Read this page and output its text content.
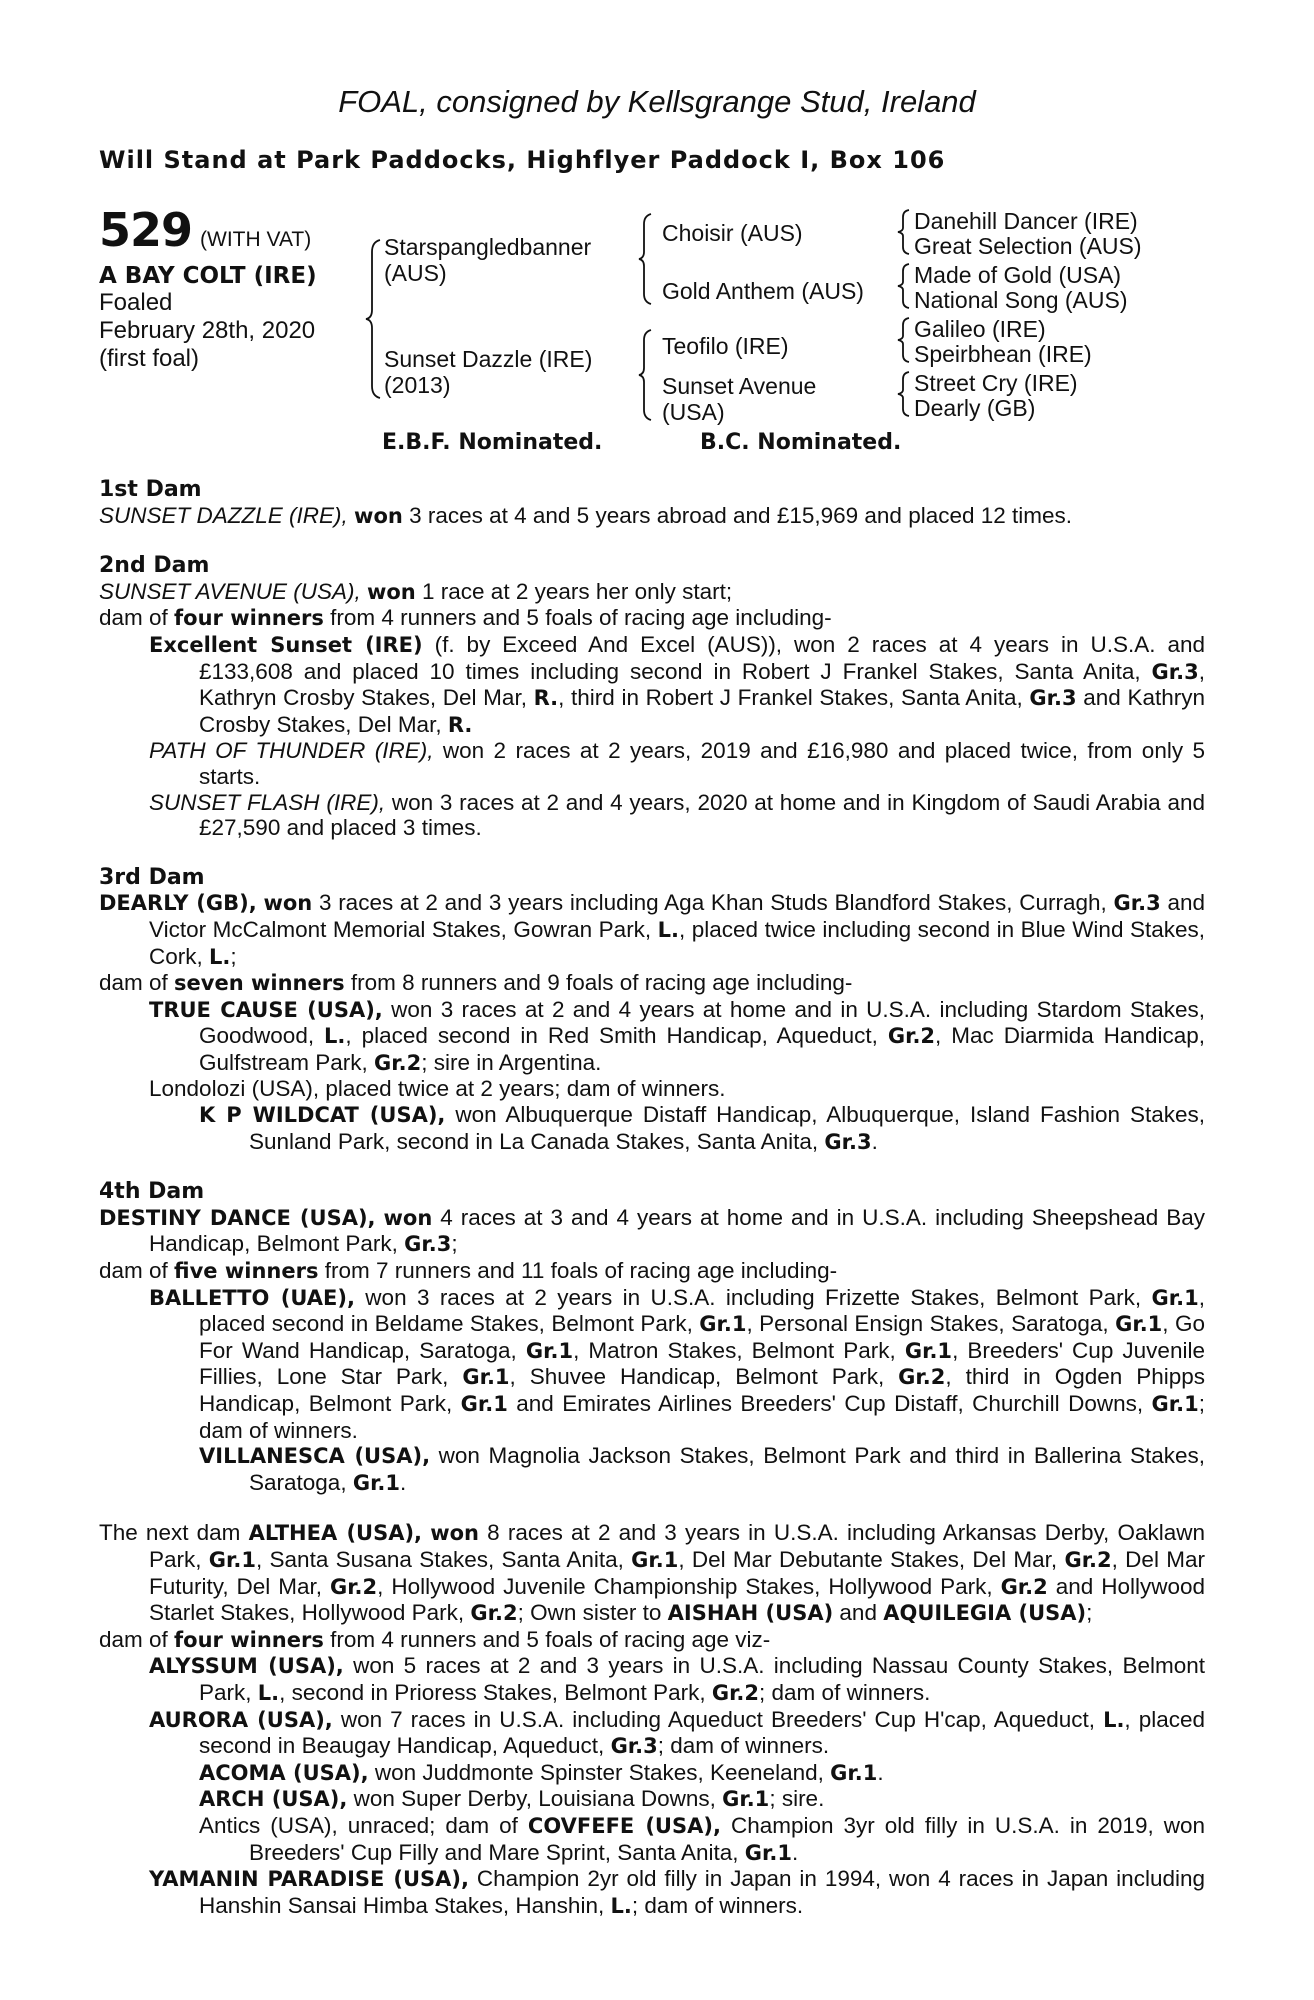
FOAL, consigned by Kellsgrange Stud, Ireland
Will Stand at Park Paddocks, Highflyer Paddock I, Box 106
529 (WITH VAT)
A BAY COLT (IRE)
Foaled
February 28th, 2020
(first foal)
Starspangledbanner
(AUS)
Sunset Dazzle (IRE)
(2013)
Choisir (AUS)
Gold Anthem (AUS)
Teofilo (IRE)
Sunset Avenue
(USA)
Danehill Dancer (IRE)
Great Selection (AUS)
Made of Gold (USA)
National Song (AUS)
Galileo (IRE)
Speirbhean (IRE)
Street Cry (IRE)
Dearly (GB)
E.B.F. Nominated.	B.C. Nominated.
1st Dam
SUNSET DAZZLE (IRE), won 3 races at 4 and 5 years abroad and £15,969 and placed 12 times.
2nd Dam
SUNSET AVENUE (USA), won 1 race at 2 years her only start;
dam of four winners from 4 runners and 5 foals of racing age including-
Excellent Sunset (IRE) (f. by Exceed And Excel (AUS)), won 2 races at 4 years in U.S.A. and £133,608 and placed 10 times including second in Robert J Frankel Stakes, Santa Anita, Gr.3, Kathryn Crosby Stakes, Del Mar, R., third in Robert J Frankel Stakes, Santa Anita, Gr.3 and Kathryn Crosby Stakes, Del Mar, R.
PATH OF THUNDER (IRE), won 2 races at 2 years, 2019 and £16,980 and placed twice, from only 5 starts.
SUNSET FLASH (IRE), won 3 races at 2 and 4 years, 2020 at home and in Kingdom of Saudi Arabia and £27,590 and placed 3 times.
3rd Dam
DEARLY (GB), won 3 races at 2 and 3 years including Aga Khan Studs Blandford Stakes, Curragh, Gr.3 and Victor McCalmont Memorial Stakes, Gowran Park, L., placed twice including second in Blue Wind Stakes, Cork, L.;
dam of seven winners from 8 runners and 9 foals of racing age including-
TRUE CAUSE (USA), won 3 races at 2 and 4 years at home and in U.S.A. including Stardom Stakes, Goodwood, L., placed second in Red Smith Handicap, Aqueduct, Gr.2, Mac Diarmida Handicap, Gulfstream Park, Gr.2; sire in Argentina.
Londolozi (USA), placed twice at 2 years; dam of winners.
K P WILDCAT (USA), won Albuquerque Distaff Handicap, Albuquerque, Island Fashion Stakes, Sunland Park, second in La Canada Stakes, Santa Anita, Gr.3.
4th Dam
DESTINY DANCE (USA), won 4 races at 3 and 4 years at home and in U.S.A. including Sheepshead Bay Handicap, Belmont Park, Gr.3;
dam of five winners from 7 runners and 11 foals of racing age including-
BALLETTO (UAE), won 3 races at 2 years in U.S.A. including Frizette Stakes, Belmont Park, Gr.1, placed second in Beldame Stakes, Belmont Park, Gr.1, Personal Ensign Stakes, Saratoga, Gr.1, Go For Wand Handicap, Saratoga, Gr.1, Matron Stakes, Belmont Park, Gr.1, Breeders' Cup Juvenile Fillies, Lone Star Park, Gr.1, Shuvee Handicap, Belmont Park, Gr.2, third in Ogden Phipps Handicap, Belmont Park, Gr.1 and Emirates Airlines Breeders' Cup Distaff, Churchill Downs, Gr.1; dam of winners.
VILLANESCA (USA), won Magnolia Jackson Stakes, Belmont Park and third in Ballerina Stakes, Saratoga, Gr.1.
The next dam ALTHEA (USA), won 8 races at 2 and 3 years in U.S.A. including Arkansas Derby, Oaklawn Park, Gr.1, Santa Susana Stakes, Santa Anita, Gr.1, Del Mar Debutante Stakes, Del Mar, Gr.2, Del Mar Futurity, Del Mar, Gr.2, Hollywood Juvenile Championship Stakes, Hollywood Park, Gr.2 and Hollywood Starlet Stakes, Hollywood Park, Gr.2; Own sister to AISHAH (USA) and AQUILEGIA (USA);
dam of four winners from 4 runners and 5 foals of racing age viz-
ALYSSUM (USA), won 5 races at 2 and 3 years in U.S.A. including Nassau County Stakes, Belmont Park, L., second in Prioress Stakes, Belmont Park, Gr.2; dam of winners.
AURORA (USA), won 7 races in U.S.A. including Aqueduct Breeders' Cup H'cap, Aqueduct, L., placed second in Beaugay Handicap, Aqueduct, Gr.3; dam of winners.
ACOMA (USA), won Juddmonte Spinster Stakes, Keeneland, Gr.1.
ARCH (USA), won Super Derby, Louisiana Downs, Gr.1; sire.
Antics (USA), unraced; dam of COVFEFE (USA), Champion 3yr old filly in U.S.A. in 2019, won Breeders' Cup Filly and Mare Sprint, Santa Anita, Gr.1.
YAMANIN PARADISE (USA), Champion 2yr old filly in Japan in 1994, won 4 races in Japan including Hanshin Sansai Himba Stakes, Hanshin, L.; dam of winners.
